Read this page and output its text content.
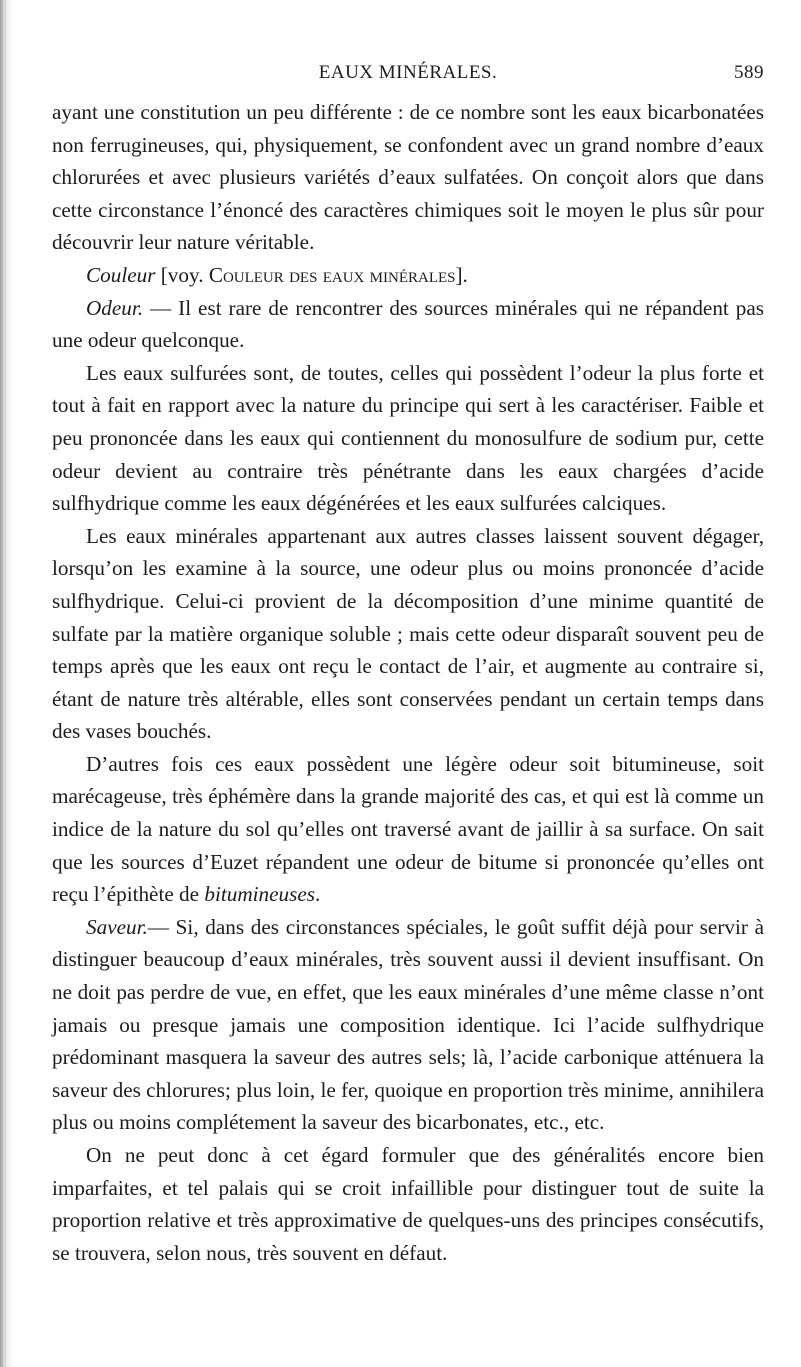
EAUX MINÉRALES.	589

ayant une constitution un peu différente : de ce nombre sont les eaux bicarbonatées non ferrugineuses, qui, physiquement, se confondent avec un grand nombre d’eaux chlorurées et avec plusieurs variétés d’eaux sulfatées. On conçoit alors que dans cette circonstance l’énoncé des caractères chimiques soit le moyen le plus sûr pour découvrir leur nature véritable.

Couleur [voy. Couleur des eaux minérales].

Odeur. — Il est rare de rencontrer des sources minérales qui ne répandent pas une odeur quelconque.

Les eaux sulfurées sont, de toutes, celles qui possèdent l’odeur la plus forte et tout à fait en rapport avec la nature du principe qui sert à les caractériser. Faible et peu prononcée dans les eaux qui contiennent du monosulfure de sodium pur, cette odeur devient au contraire très pénétrante dans les eaux chargées d’acide sulfhydrique comme les eaux dégénérées et les eaux sulfurées calciques.

Les eaux minérales appartenant aux autres classes laissent souvent dégager, lorsqu’on les examine à la source, une odeur plus ou moins prononcée d’acide sulfhydrique. Celui-ci provient de la décomposition d’une minime quantité de sulfate par la matière organique soluble ; mais cette odeur disparaît souvent peu de temps après que les eaux ont reçu le contact de l’air, et augmente au contraire si, étant de nature très altérable, elles sont conservées pendant un certain temps dans des vases bouchés.

D’autres fois ces eaux possèdent une légère odeur soit bitumineuse, soit marécageuse, très éphémère dans la grande majorité des cas, et qui est là comme un indice de la nature du sol qu’elles ont traversé avant de jaillir à sa surface. On sait que les sources d’Euzet répandent une odeur de bitume si prononcée qu’elles ont reçu l’épithète de bitumineuses.

Saveur.— Si, dans des circonstances spéciales, le goût suffit déjà pour servir à distinguer beaucoup d’eaux minérales, très souvent aussi il devient insuffisant. On ne doit pas perdre de vue, en effet, que les eaux minérales d’une même classe n’ont jamais ou presque jamais une composition identique. Ici l’acide sulfhydrique prédominant masquera la saveur des autres sels; là, l’acide carbonique atténuera la saveur des chlorures; plus loin, le fer, quoique en proportion très minime, annihilera plus ou moins complétement la saveur des bicarbonates, etc., etc.

On ne peut donc à cet égard formuler que des généralités encore bien imparfaites, et tel palais qui se croit infaillible pour distinguer tout de suite la proportion relative et très approximative de quelques-uns des principes consécutifs, se trouvera, selon nous, très souvent en défaut.
